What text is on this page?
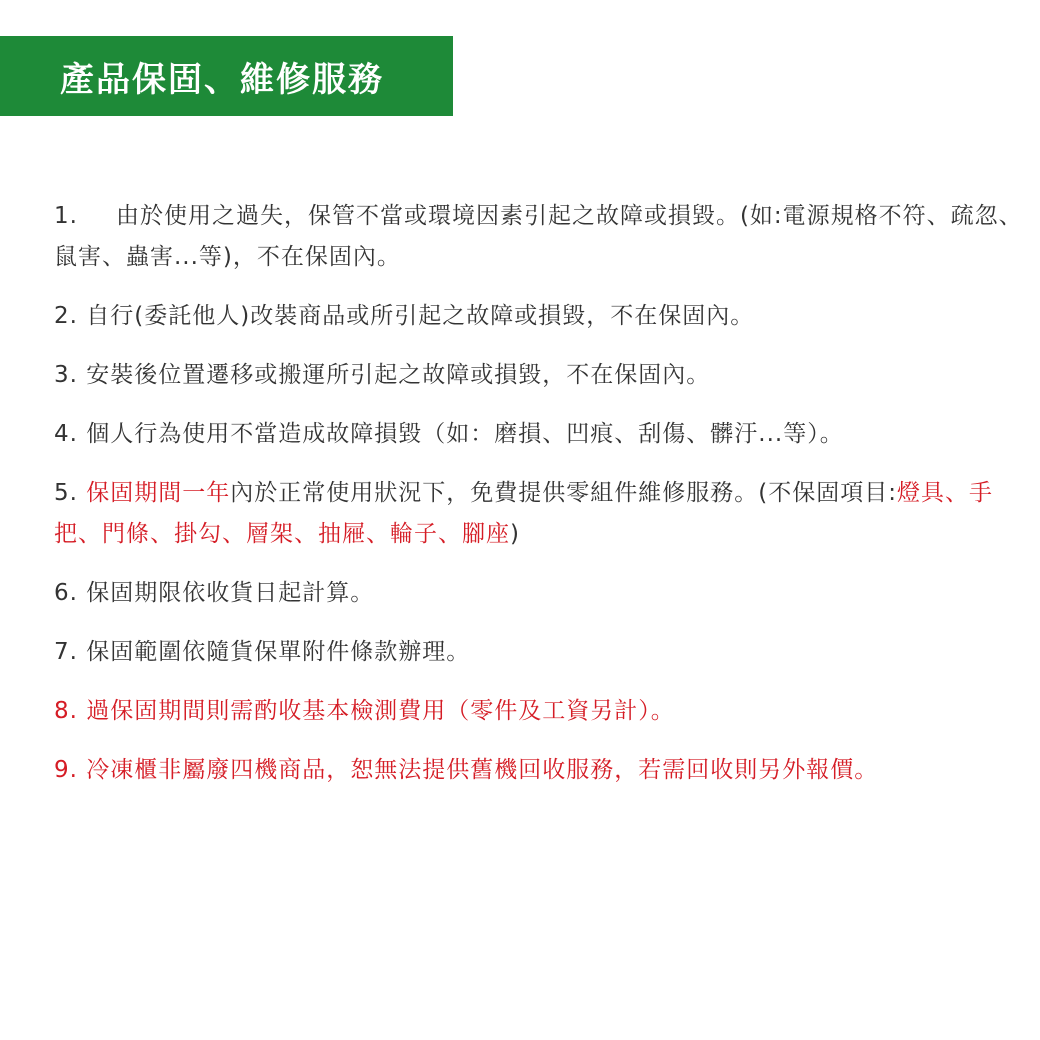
產品保固、維修服務
1. 由於使用之過失，保管不當或環境因素引起之故障或損毀。(如:電源規格不符、疏忽、鼠害、蟲害...等)，不在保固內。
2. 自行(委託他人)改裝商品或所引起之故障或損毀，不在保固內。
3. 安裝後位置遷移或搬運所引起之故障或損毀，不在保固內。
4. 個人行為使用不當造成故障損毀（如：磨損、凹痕、刮傷、髒汙...等）。
5. 保固期間一年內於正常使用狀況下，免費提供零組件維修服務。(不保固項目:燈具、手把、門條、掛勾、層架、抽屜、輪子、腳座)
6. 保固期限依收貨日起計算。
7. 保固範圍依隨貨保單附件條款辦理。
8. 過保固期間則需酌收基本檢測費用（零件及工資另計）。
9. 冷凍櫃非屬廢四機商品，恕無法提供舊機回收服務，若需回收則另外報價。
